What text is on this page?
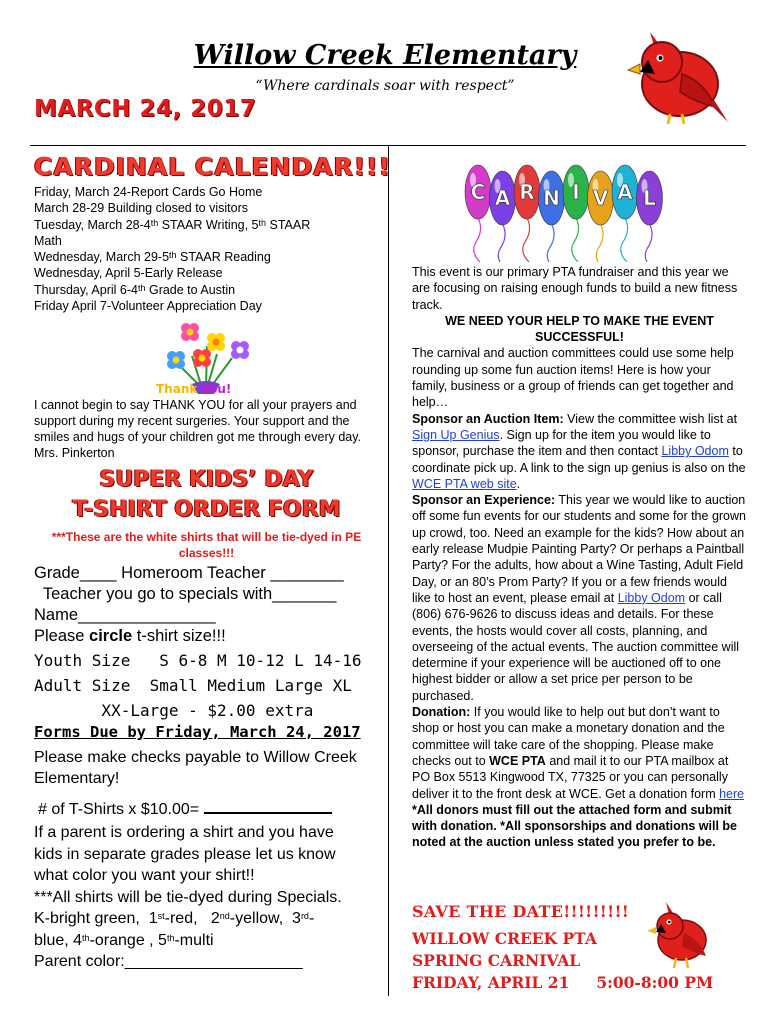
Willow Creek Elementary
“Where cardinals soar with respect”
MARCH 24, 2017
CARDINAL CALENDAR!!!
Friday, March 24-Report Cards Go Home
March 28-29 Building closed to visitors
Tuesday, March 28-4th STAAR Writing, 5th STAAR
Math
Wednesday, March 29-5th STAAR Reading
Wednesday, April 5-Early Release
Thursday, April 6-4th Grade to Austin
Friday April 7-Volunteer Appreciation Day
Thank You!
I cannot begin to say THANK YOU for all your prayers and support during my recent surgeries. Your support and the smiles and hugs of your children got me through every day. Mrs. Pinkerton
SUPER KIDS’ DAY
T-SHIRT ORDER FORM
***These are the white shirts that will be tie-dyed in PE classes!!!
Grade____ Homeroom Teacher ________
Teacher you go to specials with_______
Name_______________
Please circle t-shirt size!!!
Youth Size   S 6-8 M 10-12 L 14-16
Adult Size  Small Medium Large XL
XX-Large - $2.00 extra
Forms Due by Friday, March 24, 2017
Please make checks payable to Willow Creek Elementary!
# of T-Shirts x $10.00=
If a parent is ordering a shirt and you have
kids in separate grades please let us know
what color you want your shirt!!
***All shirts will be tie-dyed during Specials.
K-bright green,  1st-red,   2nd-yellow,  3rd-
blue, 4th-orange , 5th-multi
Parent color:____________________
C A R N I V A L

This event is our primary PTA fundraiser and this year we are focusing on raising enough funds to build a new fitness track.

WE NEED YOUR HELP TO MAKE THE EVENT SUCCESSFUL!

The carnival and auction committees could use some help rounding up some fun auction items! Here is how your family, business or a group of friends can get together and help…

Sponsor an Auction Item: View the committee wish list at Sign Up Genius. Sign up for the item you would like to sponsor, purchase the item and then contact Libby Odom to coordinate pick up. A link to the sign up genius is also on the WCE PTA web site.

Sponsor an Experience: This year we would like to auction off some fun events for our students and some for the grown up crowd, too. Need an example for the kids? How about an early release Mudpie Painting Party? Or perhaps a Paintball Party? For the adults, how about a Wine Tasting, Adult Field Day, or an 80’s Prom Party? If you or a few friends would like to host an event, please email at Libby Odom or call (806) 676-9626 to discuss ideas and details. For these events, the hosts would cover all costs, planning, and overseeing of the actual events. The auction committee will determine if your experience will be auctioned off to one highest bidder or allow a set price per person to be purchased.

Donation: If you would like to help out but don’t want to shop or host you can make a monetary donation and the committee will take care of the shopping. Please make checks out to WCE PTA and mail it to our PTA mailbox at PO Box 5513 Kingwood TX, 77325 or you can personally deliver it to the front desk at WCE. Get a donation form here

*All donors must fill out the attached form and submit with donation. *All sponsorships and donations will be noted at the auction unless stated you prefer to be.

SAVE THE DATE!!!!!!!!!
WILLOW CREEK PTA
SPRING CARNIVAL
FRIDAY, APRIL 21     5:00-8:00 PM
